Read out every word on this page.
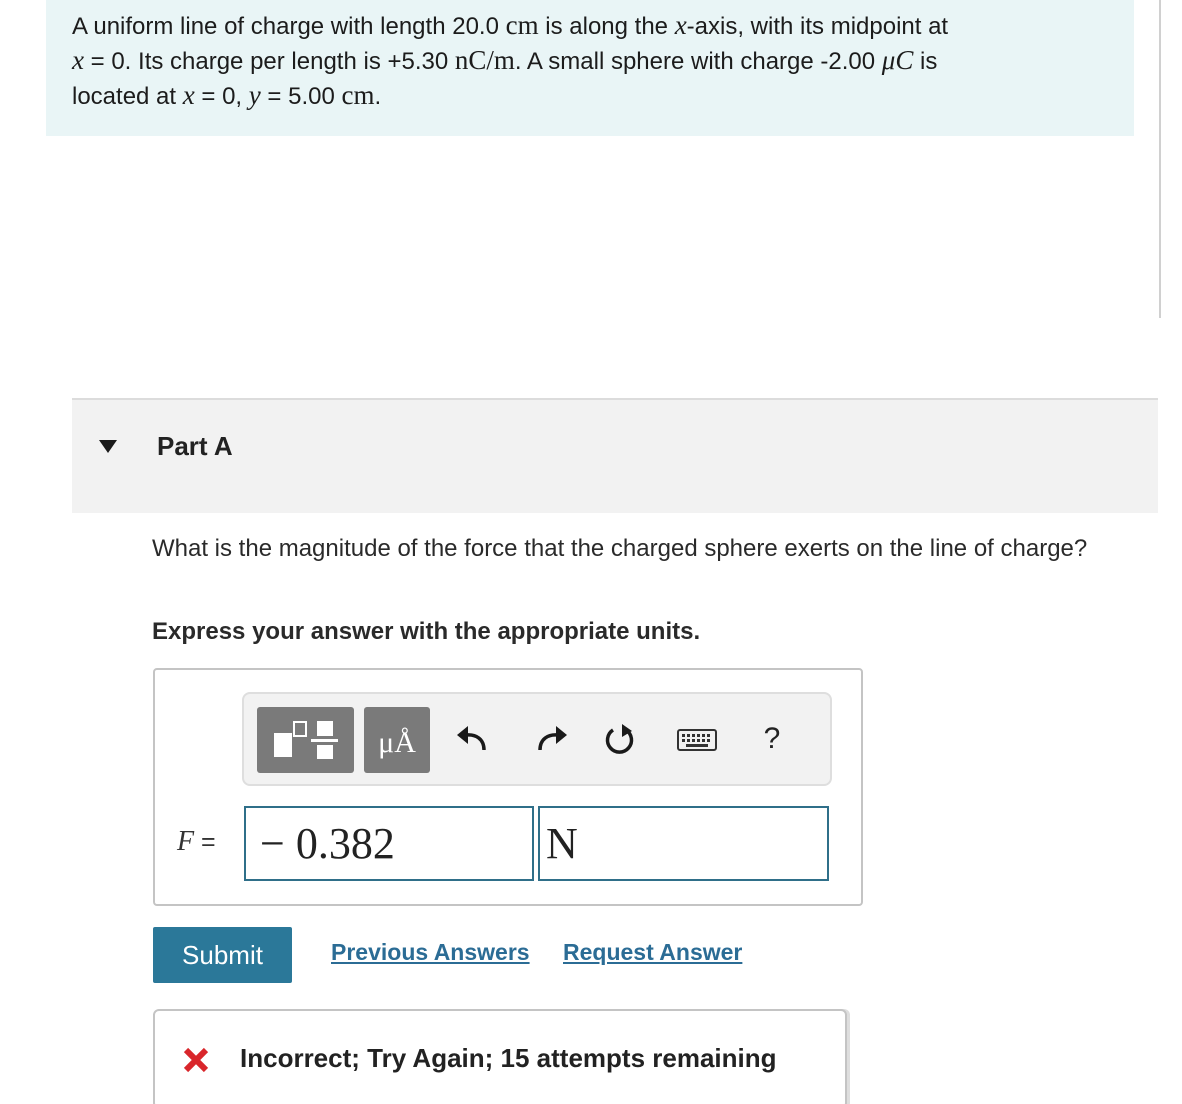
A uniform line of charge with length 20.0 cm is along the x-axis, with its midpoint at
x = 0. Its charge per length is +5.30 nC/m. A small sphere with charge -2.00 μC is
located at x = 0, y = 5.00 cm.
Part A
What is the magnitude of the force that the charged sphere exerts on the line of charge?
Express your answer with the appropriate units.
μÅ	?
F =	− 0.382	N
Submit	Previous Answers Request Answer
Incorrect; Try Again; 15 attempts remaining
